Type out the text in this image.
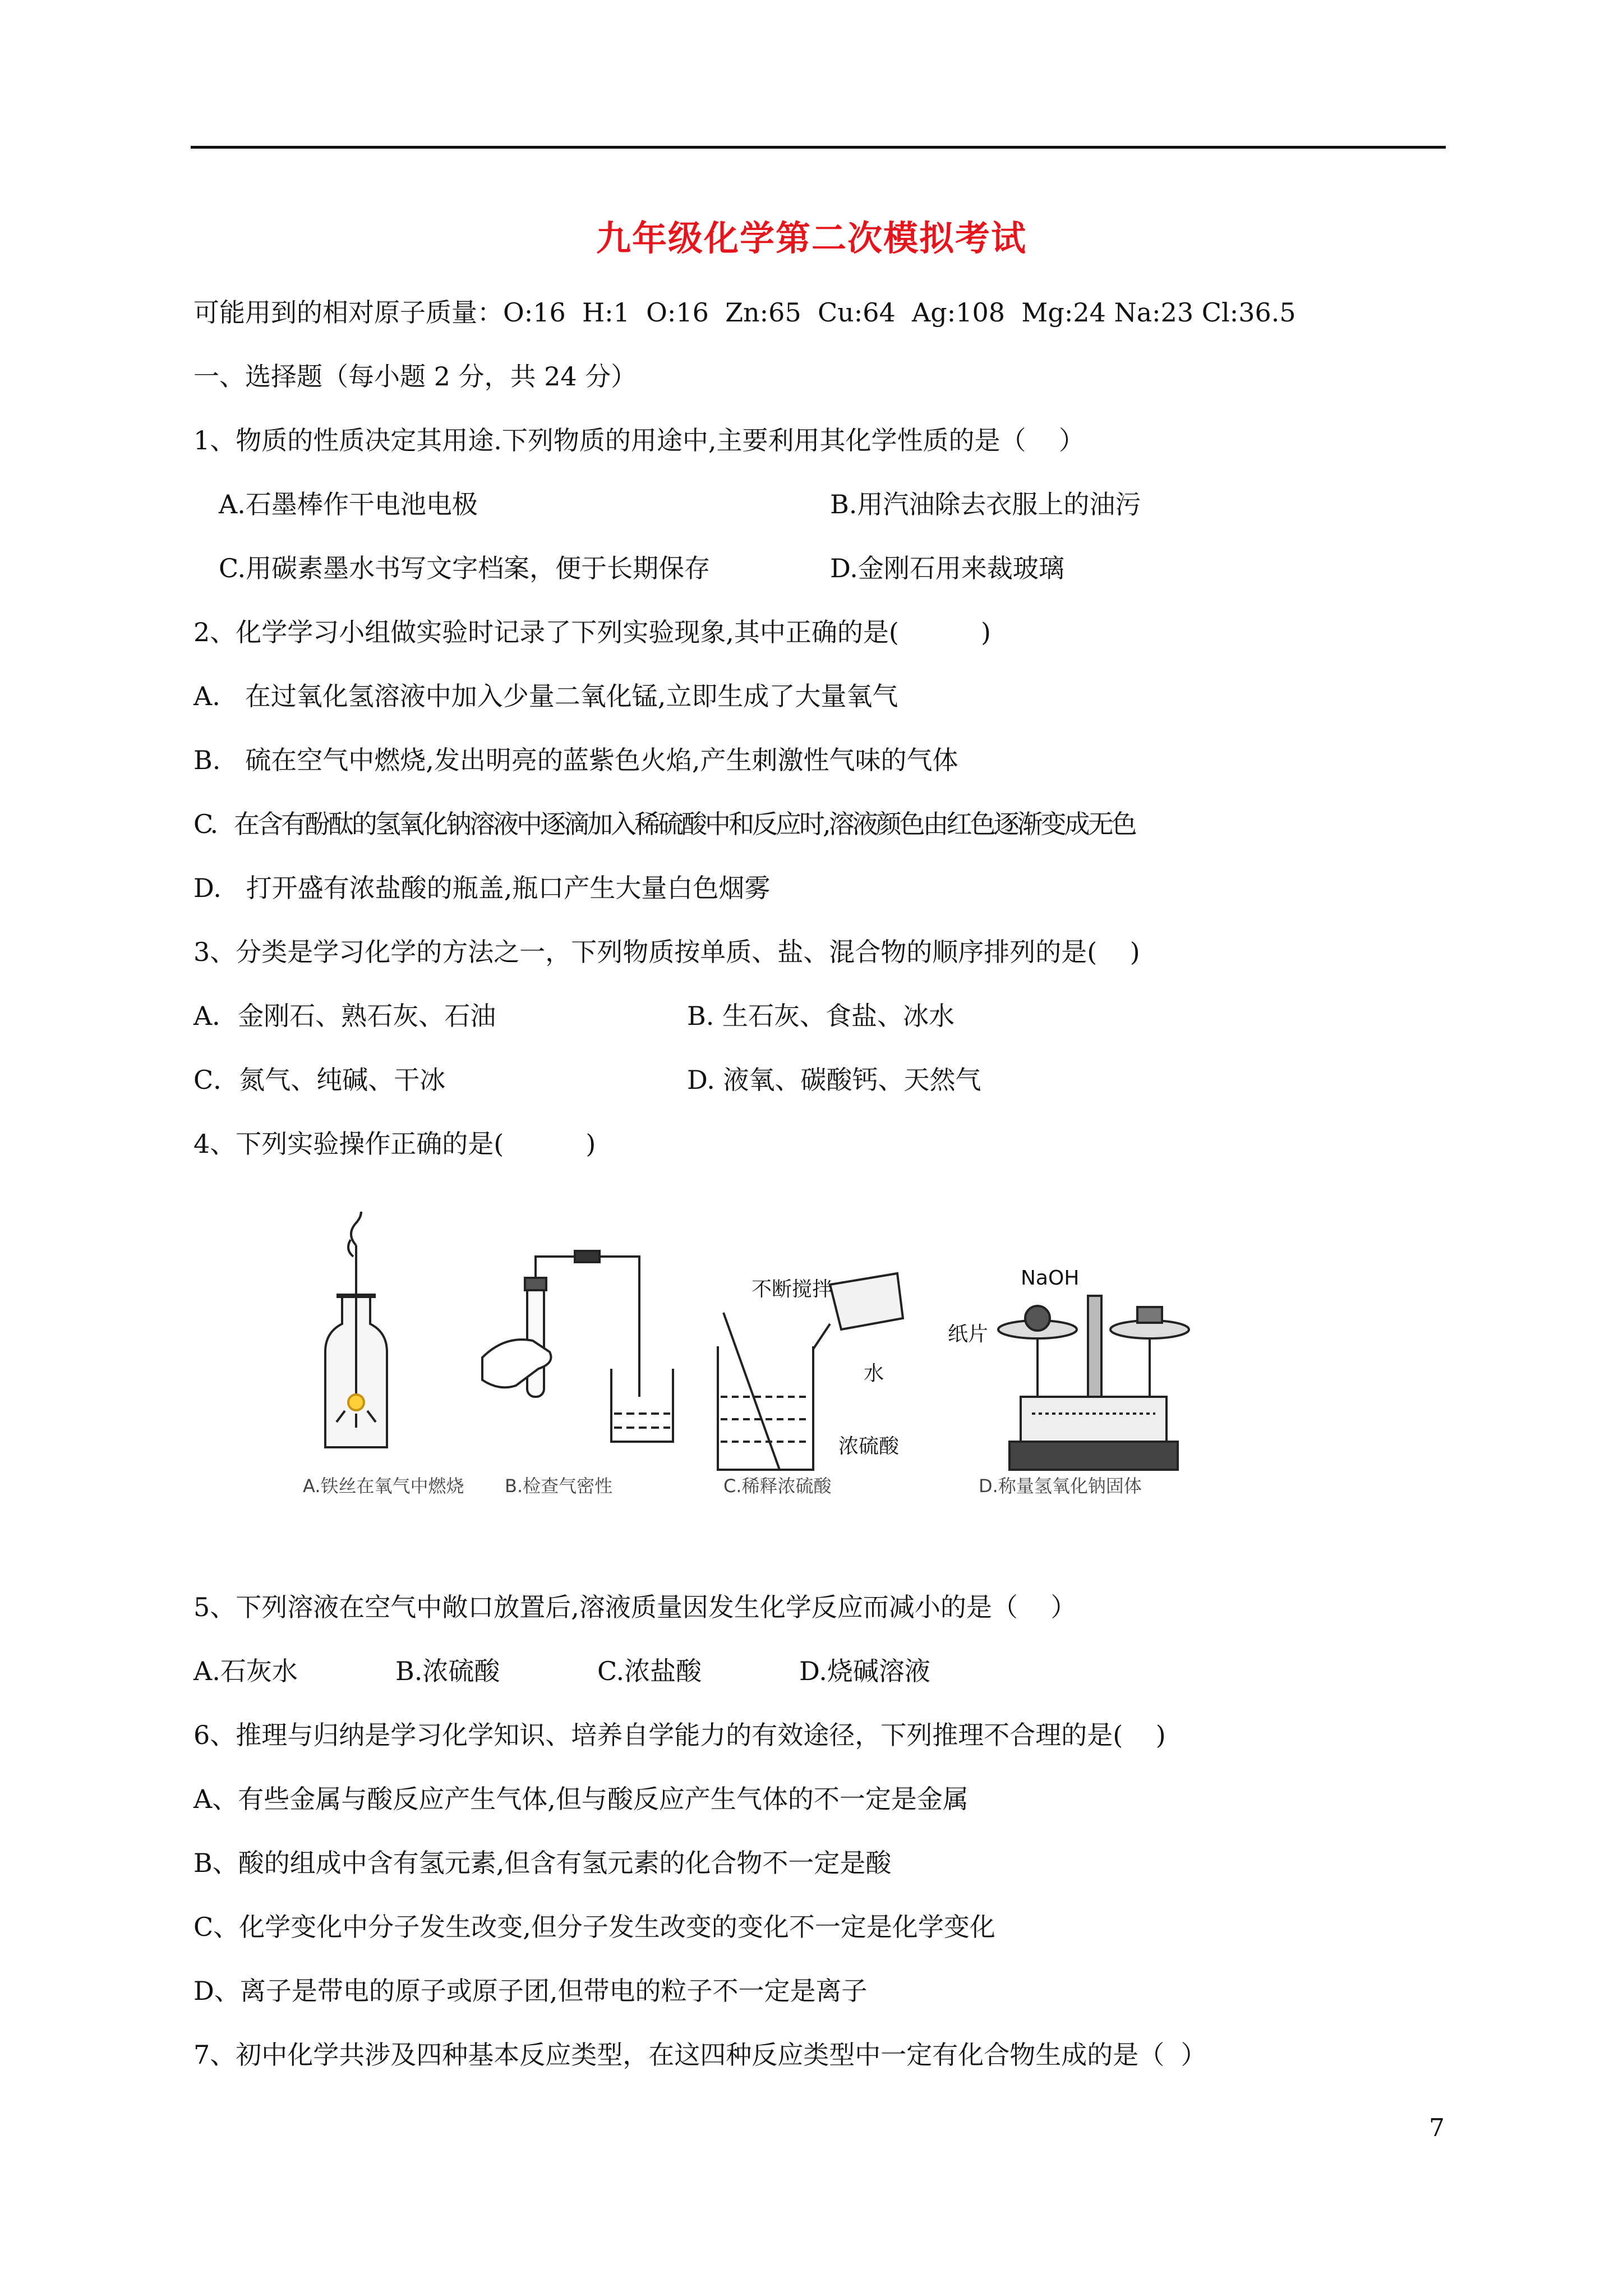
九年级化学第二次模拟考试
可能用到的相对原子质量：O:16  H:1  O:16  Zn:65  Cu:64  Ag:108  Mg:24 Na:23 Cl:36.5
一、选择题（每小题 2 分，共 24 分）
1、物质的性质决定其用途.下列物质的用途中,主要利用其化学性质的是（    ）
A.石墨棒作干电池电极	B.用汽油除去衣服上的油污
C.用碳素墨水书写文字档案，便于长期保存	D.金刚石用来裁玻璃
2、化学学习小组做实验时记录了下列实验现象,其中正确的是(          )
A.   在过氧化氢溶液中加入少量二氧化锰,立即生成了大量氧气
B.   硫在空气中燃烧,发出明亮的蓝紫色火焰,产生刺激性气味的气体
C.   在含有酚酞的氢氧化钠溶液中逐滴加入稀硫酸中和反应时,溶液颜色由红色逐渐变成无色
D.   打开盛有浓盐酸的瓶盖,瓶口产生大量白色烟雾
3、分类是学习化学的方法之一，下列物质按单质、盐、混合物的顺序排列的是(    )
A．金刚石、熟石灰、石油	B. 生石灰、食盐、冰水
C．氮气、纯碱、干冰	D. 液氧、碳酸钙、天然气
4、下列实验操作正确的是(          )
不断搅拌
水
浓硫酸
NaOH
纸片
A.铁丝在氧气中燃烧 B.检查气密性	C.稀释浓硫酸	D.称量氢氧化钠固体
5、下列溶液在空气中敞口放置后,溶液质量因发生化学反应而减小的是（    ）
A.石灰水	B.浓硫酸	C.浓盐酸	D.烧碱溶液
6、推理与归纳是学习化学知识、培养自学能力的有效途径，下列推理不合理的是(    )
A、有些金属与酸反应产生气体,但与酸反应产生气体的不一定是金属
B、酸的组成中含有氢元素,但含有氢元素的化合物不一定是酸
C、化学变化中分子发生改变,但分子发生改变的变化不一定是化学变化
D、离子是带电的原子或原子团,但带电的粒子不一定是离子
7、初中化学共涉及四种基本反应类型，在这四种反应类型中一定有化合物生成的是（  ）
7
